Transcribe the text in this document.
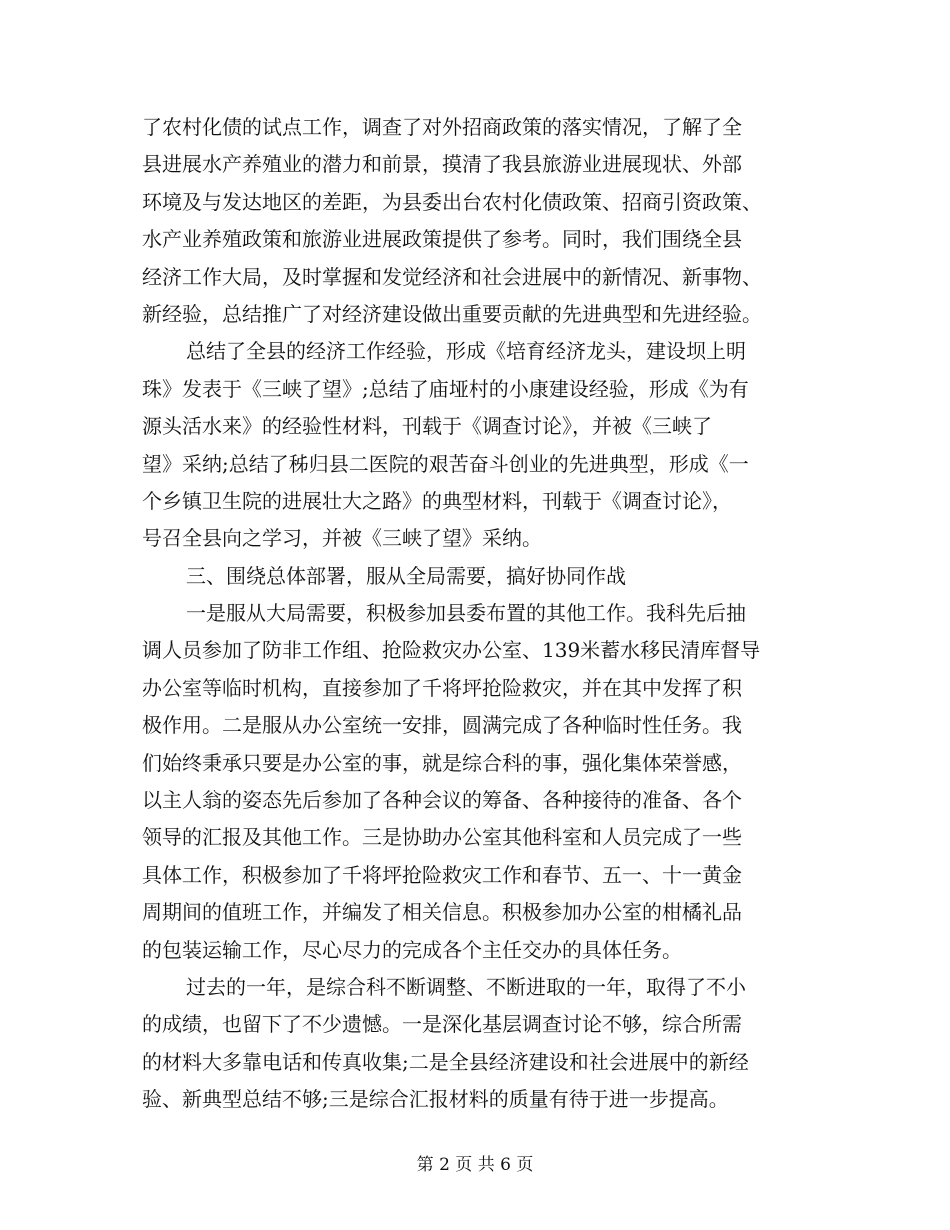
了农村化债的试点工作，调查了对外招商政策的落实情况，了解了全
县进展水产养殖业的潜力和前景，摸清了我县旅游业进展现状、外部
环境及与发达地区的差距，为县委出台农村化债政策、招商引资政策、
水产业养殖政策和旅游业进展政策提供了参考。同时，我们围绕全县
经济工作大局，及时掌握和发觉经济和社会进展中的新情况、新事物、
新经验，总结推广了对经济建设做出重要贡献的先进典型和先进经验。
总结了全县的经济工作经验，形成《培育经济龙头，建设坝上明
珠》发表于《三峡了望》;总结了庙垭村的小康建设经验，形成《为有
源头活水来》的经验性材料，刊载于《调查讨论》，并被《三峡了
望》采纳;总结了秭归县二医院的艰苦奋斗创业的先进典型，形成《一
个乡镇卫生院的进展壮大之路》的典型材料，刊载于《调查讨论》，
号召全县向之学习，并被《三峡了望》采纳。
三、围绕总体部署，服从全局需要，搞好协同作战
一是服从大局需要，积极参加县委布置的其他工作。我科先后抽
调人员参加了防非工作组、抢险救灾办公室、139米蓄水移民清库督导
办公室等临时机构，直接参加了千将坪抢险救灾，并在其中发挥了积
极作用。二是服从办公室统一安排，圆满完成了各种临时性任务。我
们始终秉承只要是办公室的事，就是综合科的事，强化集体荣誉感，
以主人翁的姿态先后参加了各种会议的筹备、各种接待的准备、各个
领导的汇报及其他工作。三是协助办公室其他科室和人员完成了一些
具体工作，积极参加了千将坪抢险救灾工作和春节、五一、十一黄金
周期间的值班工作，并编发了相关信息。积极参加办公室的柑橘礼品
的包装运输工作，尽心尽力的完成各个主任交办的具体任务。
过去的一年，是综合科不断调整、不断进取的一年，取得了不小
的成绩，也留下了不少遗憾。一是深化基层调查讨论不够，综合所需
的材料大多靠电话和传真收集;二是全县经济建设和社会进展中的新经
验、新典型总结不够;三是综合汇报材料的质量有待于进一步提高。
第 2 页 共 6 页
